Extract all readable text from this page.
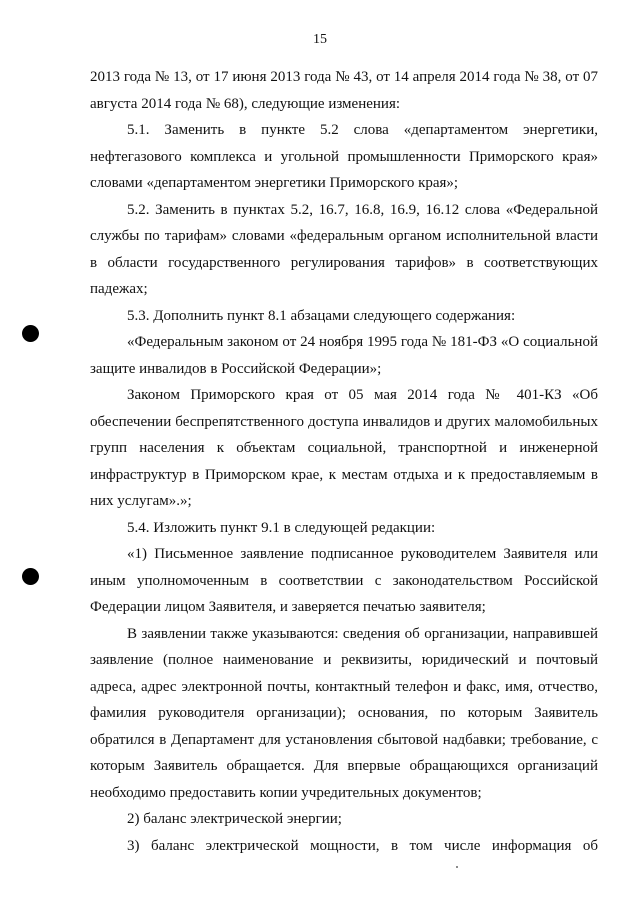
15

2013 года № 13, от 17 июня 2013 года № 43, от 14 апреля 2014 года № 38, от 07 августа 2014 года № 68), следующие изменения:

5.1. Заменить в пункте 5.2 слова «департаментом энергетики, нефтегазового комплекса и угольной промышленности Приморского края» словами «департаментом энергетики Приморского края»;

5.2. Заменить в пунктах 5.2, 16.7, 16.8, 16.9, 16.12 слова «Федеральной службы по тарифам» словами «федеральным органом исполнительной власти в области государственного регулирования тарифов» в соответствующих падежах;

5.3. Дополнить пункт 8.1 абзацами следующего содержания:

«Федеральным законом от 24 ноября 1995 года № 181-ФЗ «О социальной защите инвалидов в Российской Федерации»;

Законом Приморского края от 05 мая 2014 года № 401-КЗ «Об обеспечении беспрепятственного доступа инвалидов и других маломобильных групп населения к объектам социальной, транспортной и инженерной инфраструктур в Приморском крае, к местам отдыха и к предоставляемым в них услугам».»;

5.4. Изложить пункт 9.1 в следующей редакции:

«1) Письменное заявление подписанное руководителем Заявителя или иным уполномоченным в соответствии с законодательством Российской Федерации лицом Заявителя, и заверяется печатью заявителя;

В заявлении также указываются: сведения об организации, направившей заявление (полное наименование и реквизиты, юридический и почтовый адреса, адрес электронной почты, контактный телефон и факс, имя, отчество, фамилия руководителя организации); основания, по которым Заявитель обратился в Департамент для установления сбытовой надбавки; требование, с которым Заявитель обращается. Для впервые обращающихся организаций необходимо предоставить копии учредительных документов;

2) баланс электрической энергии;

3) баланс электрической мощности, в том числе информация об
